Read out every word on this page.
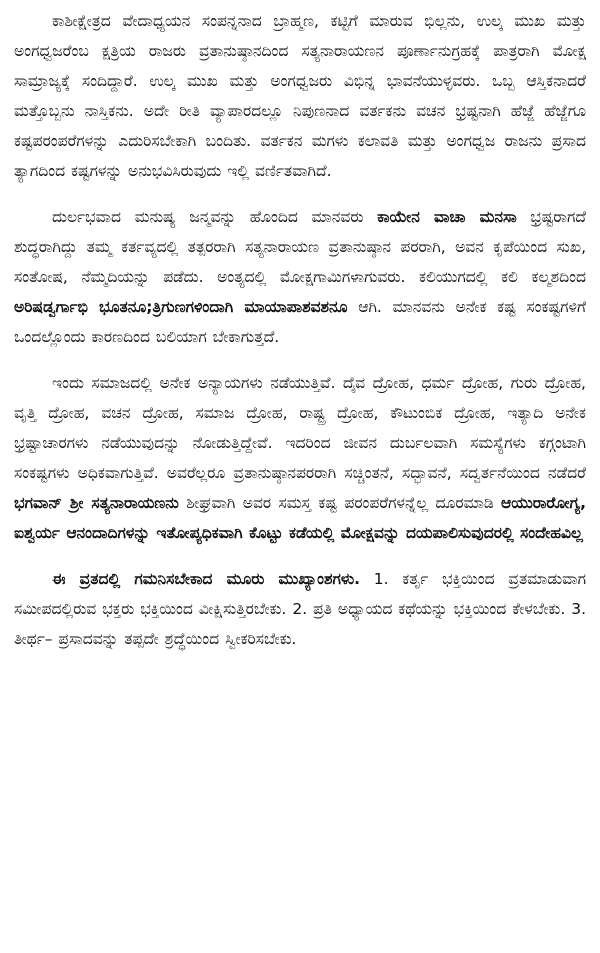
ಕಾಶೀಕ್ಷೇತ್ರದ ವೇದಾಧ್ಯಯನ ಸಂಪನ್ನನಾದ ಬ್ರಾಹ್ಮಣ, ಕಟ್ಟಿಗೆ ಮಾರುವ ಭಿಲ್ಲನು, ಉಲ್ಕ ಮುಖ ಮತ್ತು ಅಂಗಧ್ವಜರೆಂಬ ಕ್ಷತ್ರಿಯ ರಾಜರು ವ್ರತಾನುಷ್ಠಾನದಿಂದ ಸತ್ಯನಾರಾಯಣನ ಪೂರ್ಣಾನುಗ್ರಹಕ್ಕೆ ಪಾತ್ರರಾಗಿ ಮೋಕ್ಷ ಸಾಮ್ರಾಜ್ಯಕ್ಕೆ ಸಂದಿದ್ದಾರೆ. ಉಲ್ಕ ಮುಖ ಮತ್ತು ಅಂಗಧ್ವಜರು ವಿಭಿನ್ನ ಭಾವನೆಯುಳ್ಳವರು. ಒಬ್ಬ ಆಸ್ತಿಕನಾದರೆ ಮತ್ತೊಬ್ಬನು ನಾಸ್ತಿಕನು. ಅದೇ ರೀತಿ ವ್ಯಾಪಾರದಲ್ಲೂ ನಿಪುಣನಾದ ವರ್ತಕನು ವಚನ ಭ್ರಷ್ಟನಾಗಿ ಹೆಜ್ಜೆ ಹೆಜ್ಜೆಗೂ ಕಷ್ಟಪರಂಪರೆಗಳನ್ನು ಎದುರಿಸಬೇಕಾಗಿ ಬಂದಿತು. ವರ್ತಕನ ಮಗಳು ಕಲಾವತಿ ಮತ್ತು ಅಂಗಧ್ವಜ ರಾಜನು ಪ್ರಸಾದ ತ್ಯಾಗದಿಂದ ಕಷ್ಟಗಳನ್ನು ಅನುಭವಿಸಿರುವುದು ಇಲ್ಲಿ ವರ್ಣಿತವಾಗಿದೆ.

ದುರ್ಲಭವಾದ ಮನುಷ್ಯ ಜನ್ಮವನ್ನು ಹೊಂದಿದ ಮಾನವರು ಕಾಯೇನ ವಾಚಾ ಮನಸಾ ಭ್ರಷ್ಟರಾಗದೆ ಶುದ್ಧರಾಗಿದ್ದು ತಮ್ಮ ಕರ್ತವ್ಯದಲ್ಲಿ ತತ್ಪರರಾಗಿ ಸತ್ಯನಾರಾಯಣ ವ್ರತಾನುಷ್ಠಾನ ಪರರಾಗಿ, ಅವನ ಕೃಪೆಯಿಂದ ಸುಖ, ಸಂತೋಷ, ನೆಮ್ಮದಿಯನ್ನು ಪಡೆದು. ಅಂತ್ಯದಲ್ಲಿ ಮೋಕ್ಷಗಾಮಿಗಳಾಗುವರು. ಕಲಿಯುಗದಲ್ಲಿ ಕಲಿ ಕಲ್ಮಶದಿಂದ ಅರಿಷಡ್ವರ್ಗಾಭಿ ಭೂತನೂ;ತ್ರಿಗುಣಗಳಿಂದಾಗಿ ಮಾಯಾಪಾಶವಶನೂ ಆಗಿ. ಮಾನವನು ಅನೇಕ ಕಷ್ಟ ಸಂಕಷ್ಟಗಳಿಗೆ ಒಂದಲ್ಲೊಂದು ಕಾರಣದಿಂದ ಬಲಿಯಾಗ ಬೇಕಾಗುತ್ತದೆ.

ಇಂದು ಸಮಾಜದಲ್ಲಿ ಅನೇಕ ಅನ್ಯಾಯಗಳು ನಡೆಯುತ್ತಿವೆ. ದೈವ ದ್ರೋಹ, ಧರ್ಮ ದ್ರೋಹ, ಗುರು ದ್ರೋಹ, ವೃತ್ತಿ ದ್ರೋಹ, ವಚನ ದ್ರೋಹ, ಸಮಾಜ ದ್ರೋಹ, ರಾಷ್ಟ್ರ ದ್ರೋಹ, ಕೌಟುಂಬಿಕ ದ್ರೋಹ, ಇತ್ಯಾದಿ ಅನೇಕ ಭ್ರಷ್ಟಾಚಾರಗಳು ನಡೆಯುವುದನ್ನು ನೋಡುತ್ತಿದ್ದೇವೆ. ಇದರಿಂದ ಜೀವನ ದುರ್ಬಲವಾಗಿ ಸಮಸ್ಯೆಗಳು ಕಗ್ಗಂಟಾಗಿ ಸಂಕಷ್ಟಗಳು ಅಧಿಕವಾಗುತ್ತಿವೆ. ಅವರೆಲ್ಲರೂ ವ್ರತಾನುಷ್ಠಾನಪರರಾಗಿ ಸಚ್ಚಿಂತನೆ, ಸದ್ಭಾವನೆ, ಸದ್ವರ್ತನೆಯಿಂದ ನಡೆದರೆ ಭಗವಾನ್ ಶ್ರೀ ಸತ್ಯನಾರಾಯಣನು ಶೀಘ್ರವಾಗಿ ಅವರ ಸಮಸ್ತ ಕಷ್ಟ ಪರಂಪರೆಗಳನ್ನೆಲ್ಲ ದೂರಮಾಡಿ ಆಯುರಾರೋಗ್ಯ, ಐಶ್ವರ್ಯ ಆನಂದಾದಿಗಳನ್ನು ಇತೋಪ್ಯಧಿಕವಾಗಿ ಕೊಟ್ಟು ಕಡೆಯಲ್ಲಿ ಮೋಕ್ಷವನ್ನು ದಯಪಾಲಿಸುವುದರಲ್ಲಿ ಸಂದೇಹವಿಲ್ಲ

ಈ ವ್ರತದಲ್ಲಿ ಗಮನಿಸಬೇಕಾದ ಮೂರು ಮುಖ್ಯಾಂಶಗಳು. 1. ಕರ್ತೃ ಭಕ್ತಿಯಿಂದ ವ್ರತಮಾಡುವಾಗ ಸಮೀಪದಲ್ಲಿರುವ ಭಕ್ತರು ಭಕ್ತಿಯಿಂದ ವೀಕ್ಷಿಸುತ್ತಿರಬೇಕು. 2. ಪ್ರತಿ ಅಧ್ಯಾಯದ ಕಥೆಯನ್ನು ಭಕ್ತಿಯಿಂದ ಕೇಳಬೇಕು. 3. ತೀರ್ಥ– ಪ್ರಸಾದವನ್ನು ತಪ್ಪದೇ ಶ್ರದ್ಧೆಯಿಂದ ಸ್ವೀಕರಿಸಬೇಕು.
